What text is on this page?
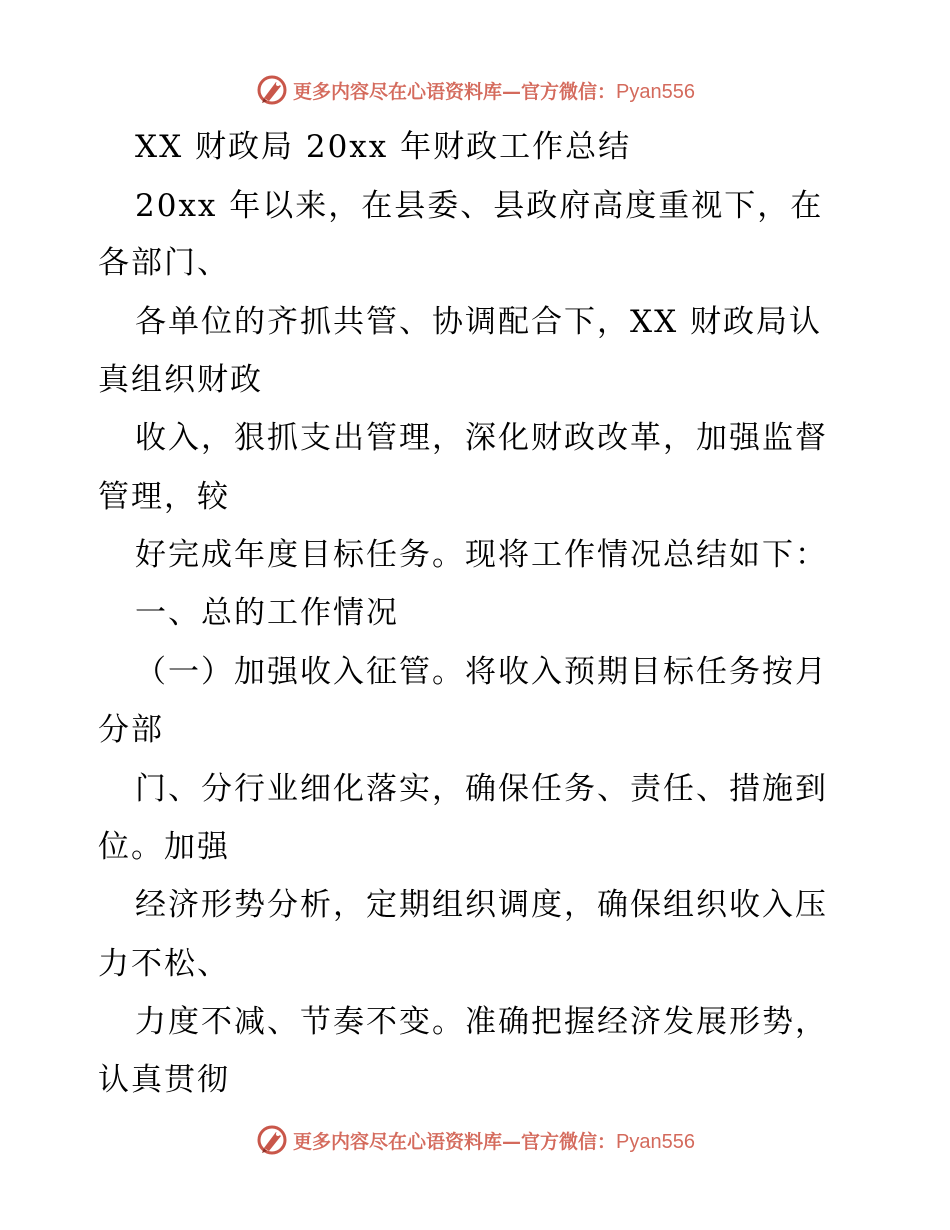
更多内容尽在心语资料库—官方微信：Pyan556
XX 财政局 20xx 年财政工作总结
20xx 年以来，在县委、县政府高度重视下，在
各部门、
各单位的齐抓共管、协调配合下，XX 财政局认
真组织财政
收入，狠抓支出管理，深化财政改革，加强监督
管理，较
好完成年度目标任务。现将工作情况总结如下：
一、总的工作情况
（一）加强收入征管。将收入预期目标任务按月
分部
门、分行业细化落实，确保任务、责任、措施到
位。加强
经济形势分析，定期组织调度，确保组织收入压
力不松、
力度不减、节奏不变。准确把握经济发展形势，
认真贯彻
更多内容尽在心语资料库—官方微信：Pyan556
